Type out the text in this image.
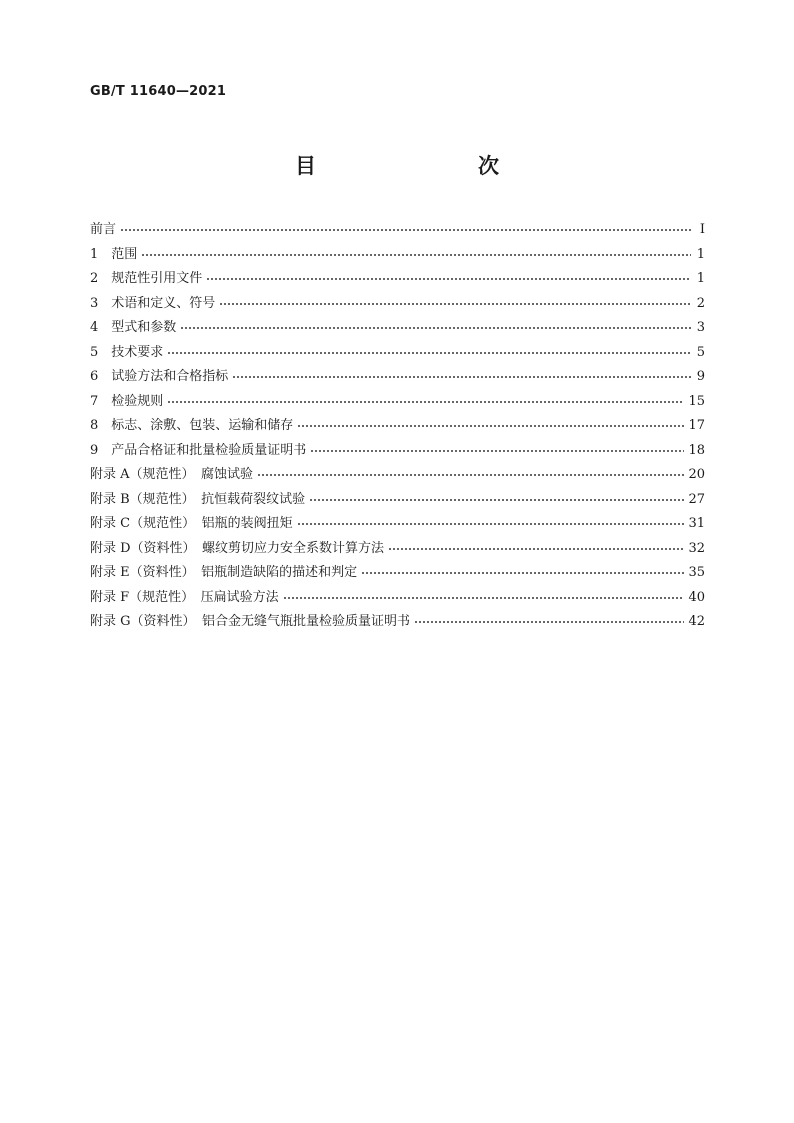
GB/T 11640—2021
目　　次
前言	Ⅰ
1　范围	1
2　规范性引用文件	1
3　术语和定义、符号	2
4　型式和参数	3
5　技术要求	5
6　试验方法和合格指标	9
7　检验规则	15
8　标志、涂敷、包装、运输和储存	17
9　产品合格证和批量检验质量证明书	18
附录 A（规范性）　腐蚀试验	20
附录 B（规范性）　抗恒载荷裂纹试验	27
附录 C（规范性）　铝瓶的装阀扭矩	31
附录 D（资料性）　螺纹剪切应力安全系数计算方法	32
附录 E（资料性）　铝瓶制造缺陷的描述和判定	35
附录 F（规范性）　压扁试验方法	40
附录 G（资料性）　铝合金无缝气瓶批量检验质量证明书	42
